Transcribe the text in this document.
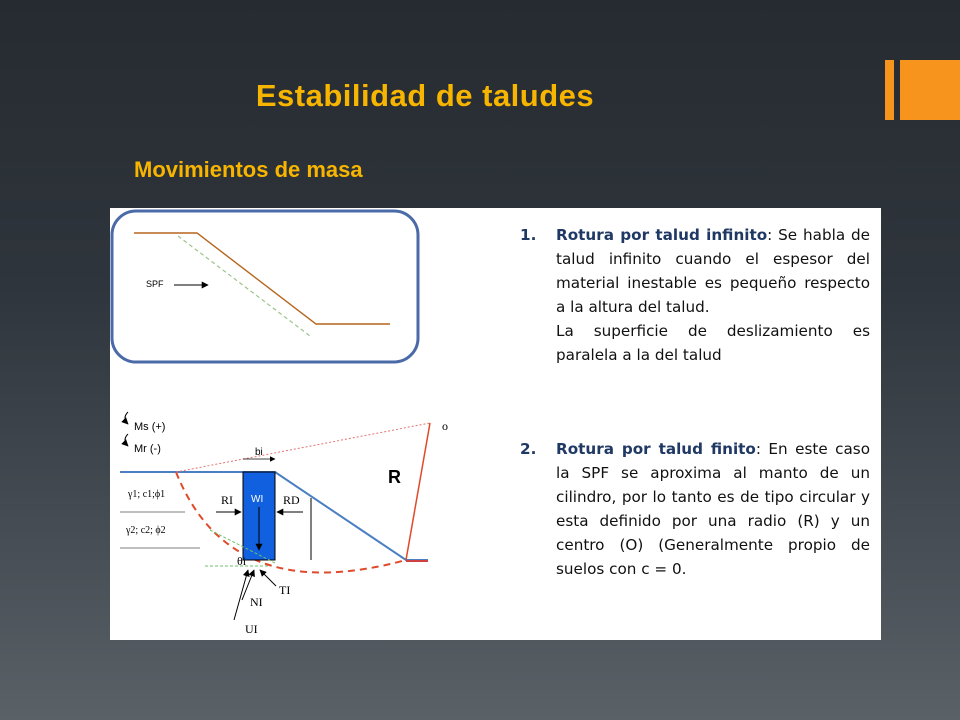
Estabilidad de taludes
Movimientos de masa
SPF
Ms (+)
Mr (-)
γ1; c1;ϕ1
γ2; c2; ϕ2
o
R
bi
WI
RI	RD
θi
UI
NI
TI
1. Rotura por talud infinito: Se habla de talud infinito cuando el espesor del material inestable es pequeño respecto a la altura del talud.
La superficie de deslizamiento es paralela a la del talud
2. Rotura por talud finito: En este caso la SPF se aproxima al manto de un cilindro, por lo tanto es de tipo circular y esta definido por una radio (R) y un centro (O) (Generalmente propio de suelos con c = 0.
